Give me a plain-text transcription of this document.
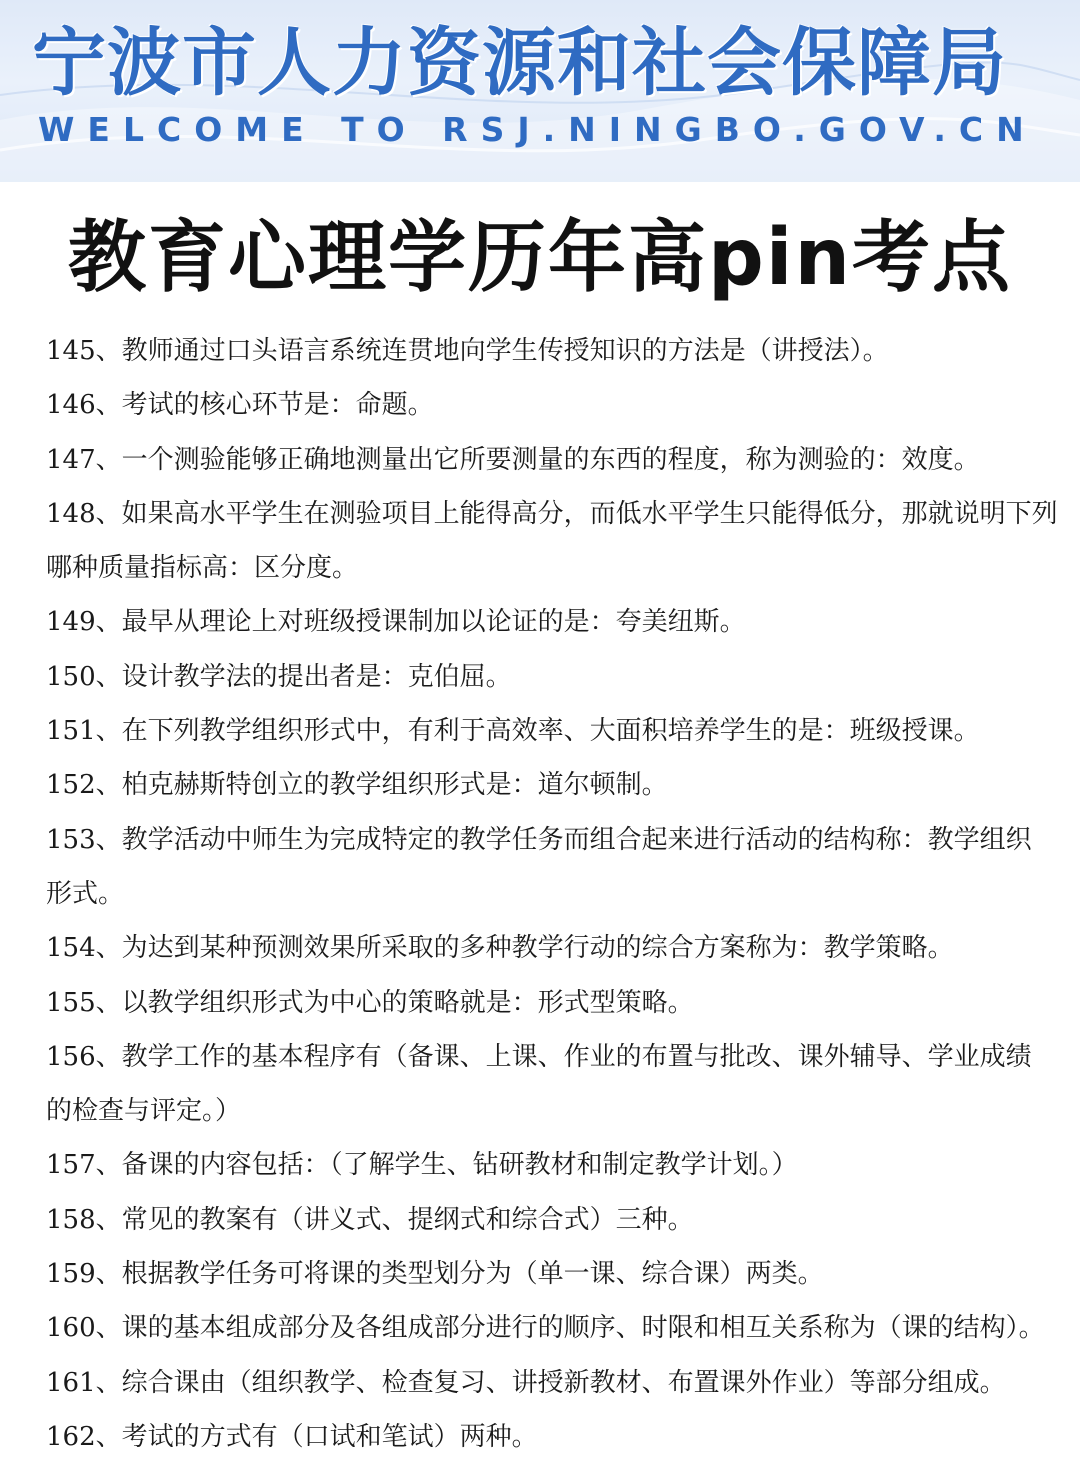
宁波市人力资源和社会保障局
WELCOME TO RSJ.NINGBO.GOV.CN
教育心理学历年高pin考点
145、教师通过口头语言系统连贯地向学生传授知识的方法是（讲授法）。
146、考试的核心环节是：命题。
147、一个测验能够正确地测量出它所要测量的东西的程度，称为测验的：效度。
148、如果高水平学生在测验项目上能得高分，而低水平学生只能得低分，那就说明下列
哪种质量指标高：区分度。
149、最早从理论上对班级授课制加以论证的是：夸美纽斯。
150、设计教学法的提出者是：克伯屈。
151、在下列教学组织形式中，有利于高效率、大面积培养学生的是：班级授课。
152、柏克赫斯特创立的教学组织形式是：道尔顿制。
153、教学活动中师生为完成特定的教学任务而组合起来进行活动的结构称：教学组织
形式。
154、为达到某种预测效果所采取的多种教学行动的综合方案称为：教学策略。
155、以教学组织形式为中心的策略就是：形式型策略。
156、教学工作的基本程序有（备课、上课、作业的布置与批改、课外辅导、学业成绩
的检查与评定。）
157、备课的内容包括：（了解学生、钻研教材和制定教学计划。）
158、常见的教案有（讲义式、提纲式和综合式）三种。
159、根据教学任务可将课的类型划分为（单一课、综合课）两类。
160、课的基本组成部分及各组成部分进行的顺序、时限和相互关系称为（课的结构）。
161、综合课由（组织教学、检查复习、讲授新教材、布置课外作业）等部分组成。
162、考试的方式有（口试和笔试）两种。
